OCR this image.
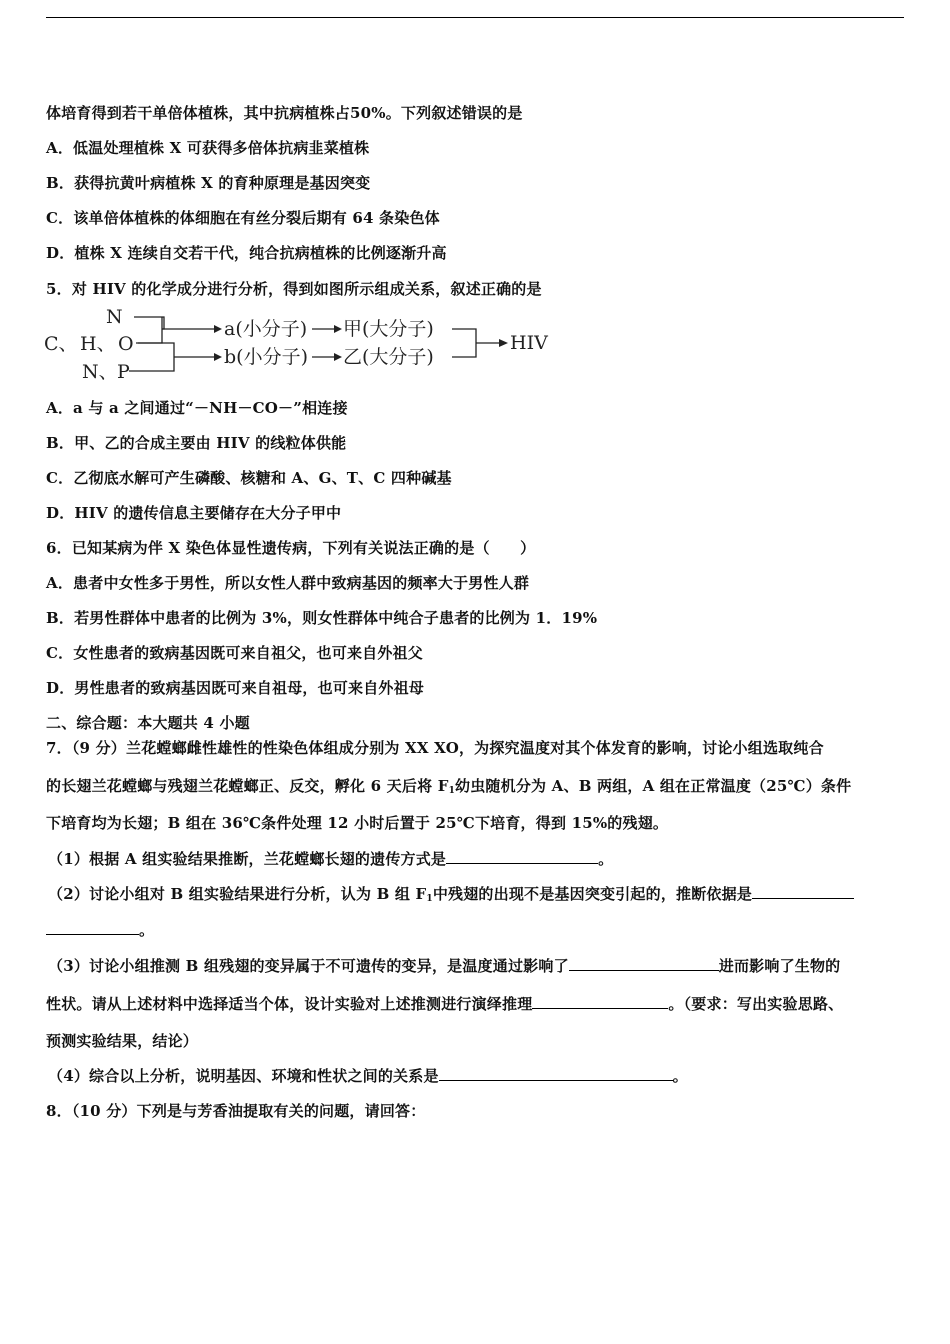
体培育得到若干单倍体植株，其中抗病植株占50%。下列叙述错误的是
A．低温处理植株 X 可获得多倍体抗病韭菜植株
B．获得抗黄叶病植株 X 的育种原理是基因突变
C．该单倍体植株的体细胞在有丝分裂后期有 64 条染色体
D．植株 X 连续自交若干代，纯合抗病植株的比例逐渐升高
5．对 HIV 的化学成分进行分析，得到如图所示组成关系，叙述正确的是
N
C、 H、 O
N、 P
a(小分子) 甲(大分子)
b(小分子) 乙(大分子)
HIV
A．a 与 a 之间通过“－NH－CO－”相连接
B．甲、乙的合成主要由 HIV 的线粒体供能
C．乙彻底水解可产生磷酸、核糖和 A、G、T、C 四种碱基
D．HIV 的遗传信息主要储存在大分子甲中
6．已知某病为伴 X 染色体显性遗传病，下列有关说法正确的是（　　）
A．患者中女性多于男性，所以女性人群中致病基因的频率大于男性人群
B．若男性群体中患者的比例为 3%，则女性群体中纯合子患者的比例为 1．19%
C．女性患者的致病基因既可来自祖父，也可来自外祖父
D．男性患者的致病基因既可来自祖母，也可来自外祖母
二、综合题：本大题共 4 小题
7．（9 分）兰花螳螂雌性雄性的性染色体组成分别为 XX XO，为探究温度对其个体发育的影响，讨论小组选取纯合
的长翅兰花螳螂与残翅兰花螳螂正、反交，孵化 6 天后将 $F_1$幼虫随机分为 A、B 两组，A 组在正常温度（25℃）条件
下培育均为长翅；B 组在 36℃条件处理 12 小时后置于 25℃下培育，得到 15%的残翅。
（1）根据 A 组实验结果推断，兰花螳螂长翅的遗传方式是	。
（2）讨论小组对 B 组实验结果进行分析，认为 B 组 $F_1$中残翅的出现不是基因突变引起的，推断依据是
。
（3）讨论小组推测 B 组残翅的变异属于不可遗传的变异，是温度通过影响了	进而影响了生物的
性状。请从上述材料中选择适当个体，设计实验对上述推测进行演绎推理	。（要求：写出实验思路、
预测实验结果，结论）
（4）综合以上分析，说明基因、环境和性状之间的关系是	。
8．（10 分）下列是与芳香油提取有关的问题，请回答：
